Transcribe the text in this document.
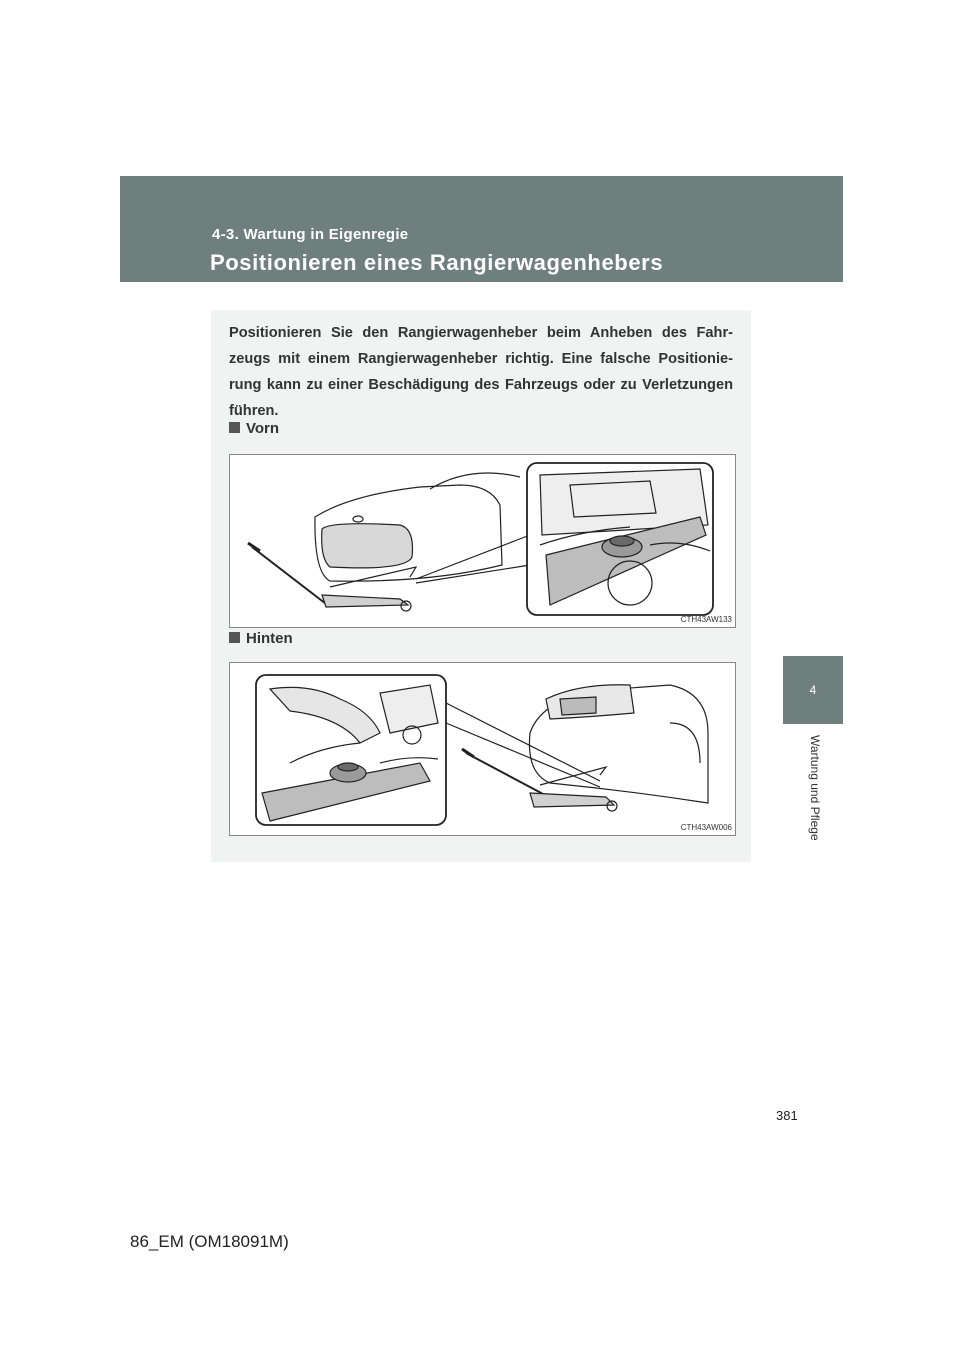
4-3. Wartung in Eigenregie
Positionieren eines Rangierwagenhebers
4
Wartung und Pflege

Positionieren Sie den Rangierwagenheber beim Anheben des Fahr-zeugs mit einem Rangierwagenheber richtig. Eine falsche Positionie-rung kann zu einer Beschädigung des Fahrzeugs oder zu Verletzungen führen.

Vorn
CTH43AW133
Hinten
CTH43AW006
381
86_EM (OM18091M)
